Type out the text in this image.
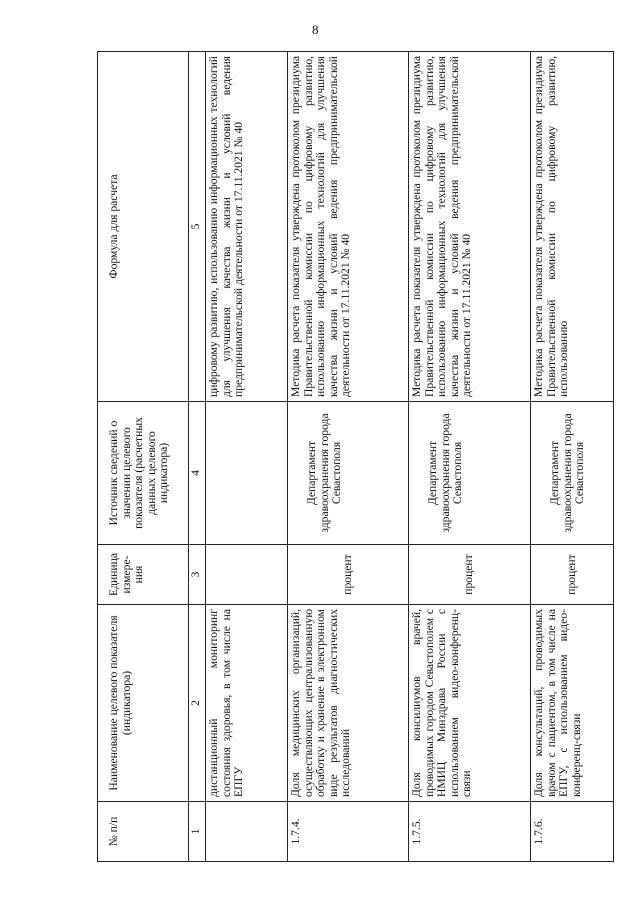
8
№ п/п	Наименование целевого показателя (индикатора)	Единица измере-ния	Источник сведений о значении целевого показателя (расчетных данных целевого индикатора)	Формула для расчета
1	2	3	4	5
	дистанционный мониторинг состояния здоровья, в том числе на ЕПГУ			цифровому развитию, использованию информационных технологий для улучшения качества жизни и условий ведения предпринимательской деятельности от 17.11.2021 № 40
1.7.4.	Доля медицинских организаций, осуществляющих централизованную обработку и хранение в электронном виде результатов диагностических исследований	процент	Департамент здравоохранения города Севастополя	Методика расчета показателя утверждена протоколом президиума Правительственной комиссии по цифровому развитию, использованию информационных технологий для улучшения качества жизни и условий ведения предпринимательской деятельности от 17.11.2021 № 40
1.7.5.	Доля консилиумов врачей, проводимых городом Севастополем с НМИЦ Минздрава России с использованием видео-конференц-связи	процент	Департамент здравоохранения города Севастополя	Методика расчета показателя утверждена протоколом президиума Правительственной комиссии по цифровому развитию, использованию информационных технологий для улучшения качества жизни и условий ведения предпринимательской деятельности от 17.11.2021 № 40
1.7.6.	Доля консультаций, проводимых врачом с пациентом, в том числе на ЕПГУ, с использованием видео-конференц-связи	процент	Департамент здравоохранения города Севастополя	Методика расчета показателя утверждена протоколом президиума Правительственной комиссии по цифровому развитию, использованию
